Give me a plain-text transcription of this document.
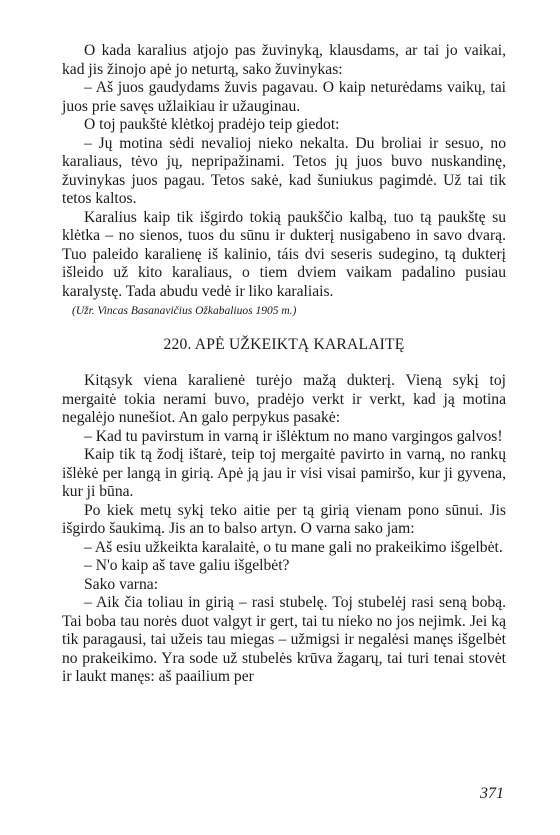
O kada karalius atjojo pas žuvinyką, klausdams, ar tai jo vaikai, kad jis žinojo apė jo neturtą, sako žuvinykas:

– Aš juos gaudydams žuvis pagavau. O kaip neturėdams vaikų, tai juos prie savęs užlaikiau ir užauginau.

O toj paukštė klėtkoj pradėjo teip giedot:

– Jų motina sėdi nevalioj nieko nekalta. Du broliai ir sesuo, no karaliaus, tėvo jų, nepripažinami. Tetos jų juos buvo nuskandinę, žuvinykas juos pagau. Tetos sakė, kad šuniukus pagimdė. Už tai tik tetos kaltos.

Karalius kaip tik išgirdo tokią paukščio kalbą, tuo tą paukštę su klėtka – no sienos, tuos du sūnu ir dukterį nusigabeno in savo dvarą. Tuo paleido karalienę iš kalinio, táis dvi seseris sudegino, tą dukterį išleido už kito karaliaus, o tiem dviem vaikam padalino pusiau karalystę. Tada abudu vedė ir liko karaliais.

(Užr. Vincas Basanavičius Ožkabaliuos 1905 m.)

220. APĖ UŽKEIKTĄ KARALAITĘ

Kitąsyk viena karalienė turėjo mažą dukterį. Vieną sykį toj mergaitė tokia nerami buvo, pradėjo verkt ir verkt, kad ją motina negalėjo nunešiot. An galo perpykus pasakė:

– Kad tu pavirstum in varną ir išlėktum no mano vargingos galvos!

Kaip tik tą žodį ištarė, teip toj mergaitė pavirto in varną, no rankų išlėkė per langą in girią. Apė ją jau ir visi visai pamiršo, kur ji gyvena, kur ji būna.

Po kiek metų sykį teko aitie per tą girią vienam pono sūnui. Jis išgirdo šaukimą. Jis an to balso artyn. O varna sako jam:

– Aš esiu užkeikta karalaitė, o tu mane gali no prakeikimo išgelbėt.

– N'o kaip aš tave galiu išgelbėt?

Sako varna:

– Aik čia toliau in girią – rasi stubelę. Toj stubelėj rasi seną bobą. Tai boba tau norės duot valgyt ir gert, tai tu nieko no jos nejimk. Jei ką tik paragausi, tai užeis tau miegas – užmigsi ir negalėsi manęs išgelbėt no prakeikimo. Yra sode už stubelės krūva žagarų, tai turi tenai stovėt ir laukt manęs: aš paailium per

371
